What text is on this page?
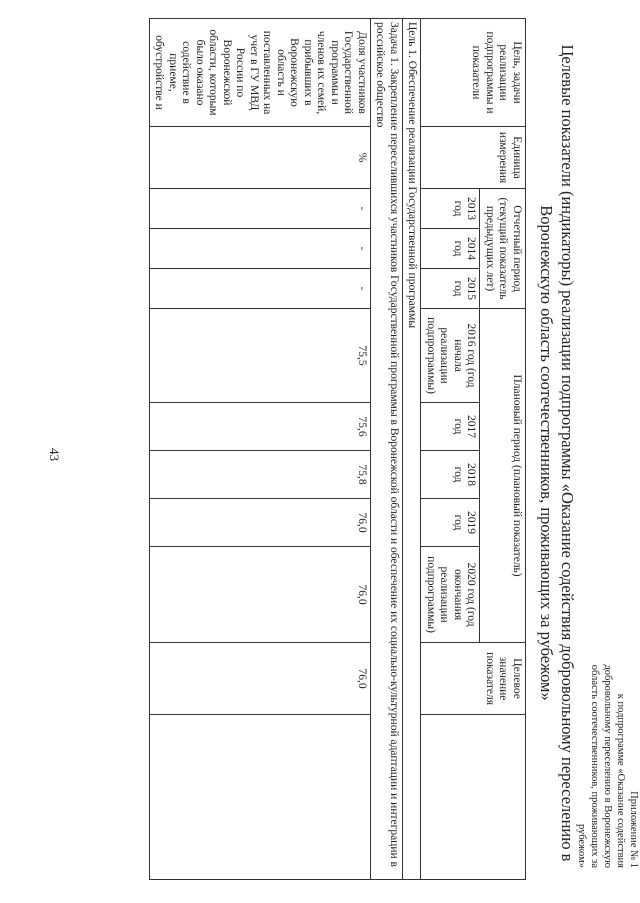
43
Приложение № 1
к подпрограмме «Оказание содействия
добровольному переселению в Воронежскую
область соотечественников, проживающих за
рубежом»
Целевые показатели (индикаторы) реализации подпрограммы «Оказание содействия добровольному переселению в
Воронежскую область соотечественников, проживающих за рубежом»
Цель, задачи реализации подпрограммы и показатели	Единица измерения	Отчетный период (текущий показатель предыдущих лет)			Плановый период (плановый показатель)					Целевое значение показателя	
		2013 год	2014 год	2015 год	2016 год (год начала реализации подпрограммы)	2017 год	2018 год	2019 год	2020 год (год окончания реализации подпрограммы)		
Цель 1. Обеспечение реализации Государственной программы											
Задача 1. Закрепление переселившихся участников Государственной программы в Воронежской области и обеспечение их социально-культурной адаптации и интеграции в российское общество											
Доля участников Государственной программы и членов их семей, прибывших в Воронежскую область и поставленных на учет в ГУ МВД России по Воронежской области, которым было оказано содействие в приеме, обустройстве и	%	-	-	-	75,5	75,6	75,8	76,0	76,0	76,0	
